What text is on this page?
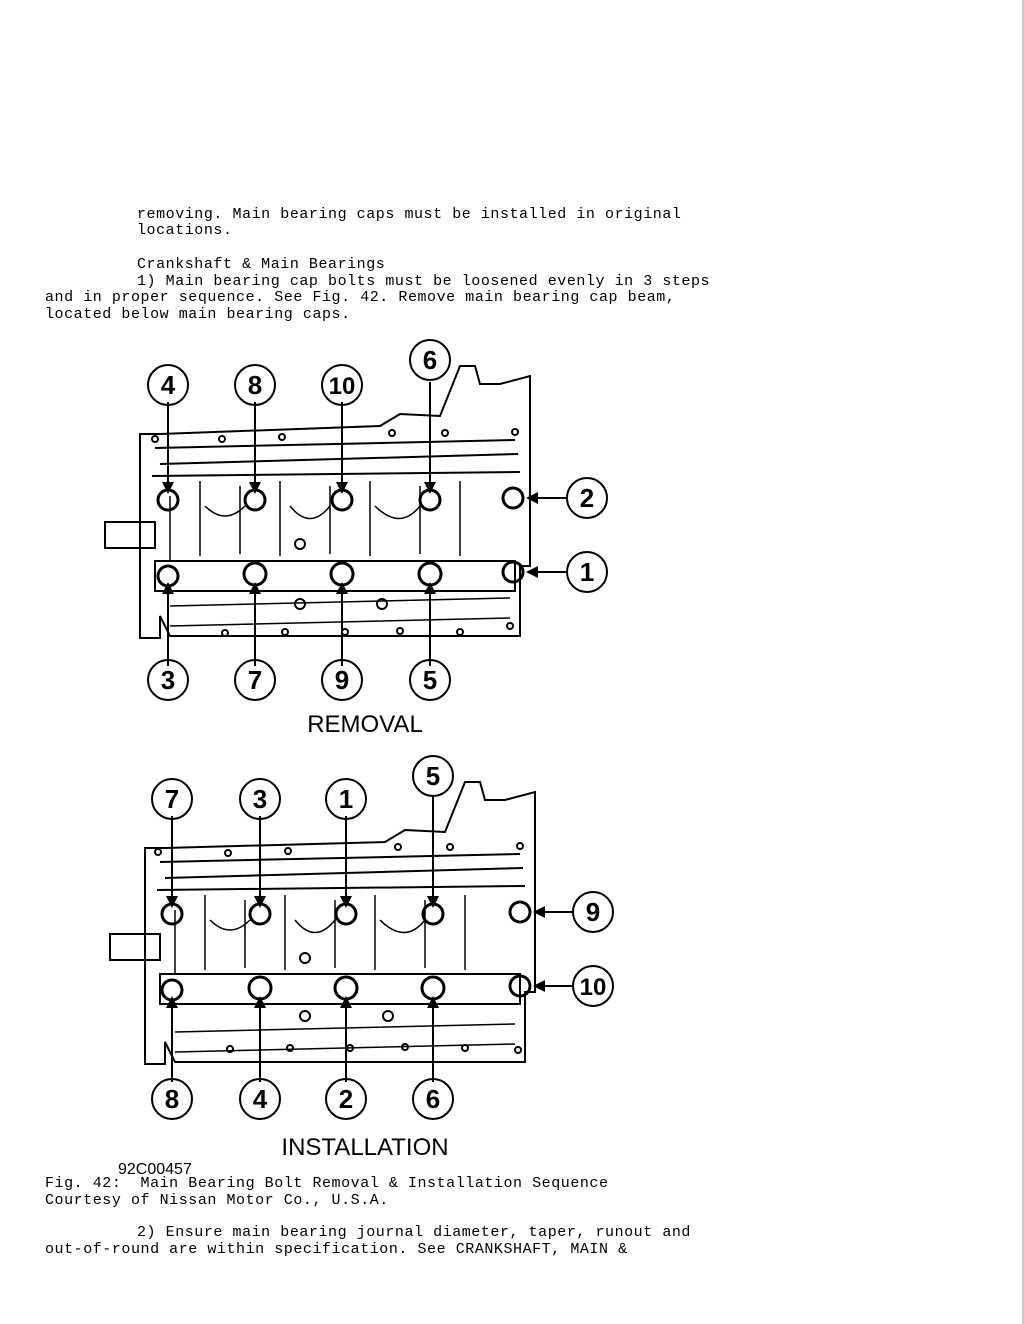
removing. Main bearing caps must be installed in original
locations.
Crankshaft & Main Bearings
1) Main bearing cap bolts must be loosened evenly in 3 steps
and in proper sequence. See Fig. 42. Remove main bearing cap beam,
located below main bearing caps.
4	8	10
6
3	7	9	5
2
1
REMOVAL
7	3	1
5
8	4	2	6
9
10
INSTALLATION
92C00457
Fig. 42:  Main Bearing Bolt Removal & Installation Sequence
Courtesy of Nissan Motor Co., U.S.A.
2) Ensure main bearing journal diameter, taper, runout and
out-of-round are within specification. See CRANKSHAFT, MAIN &
